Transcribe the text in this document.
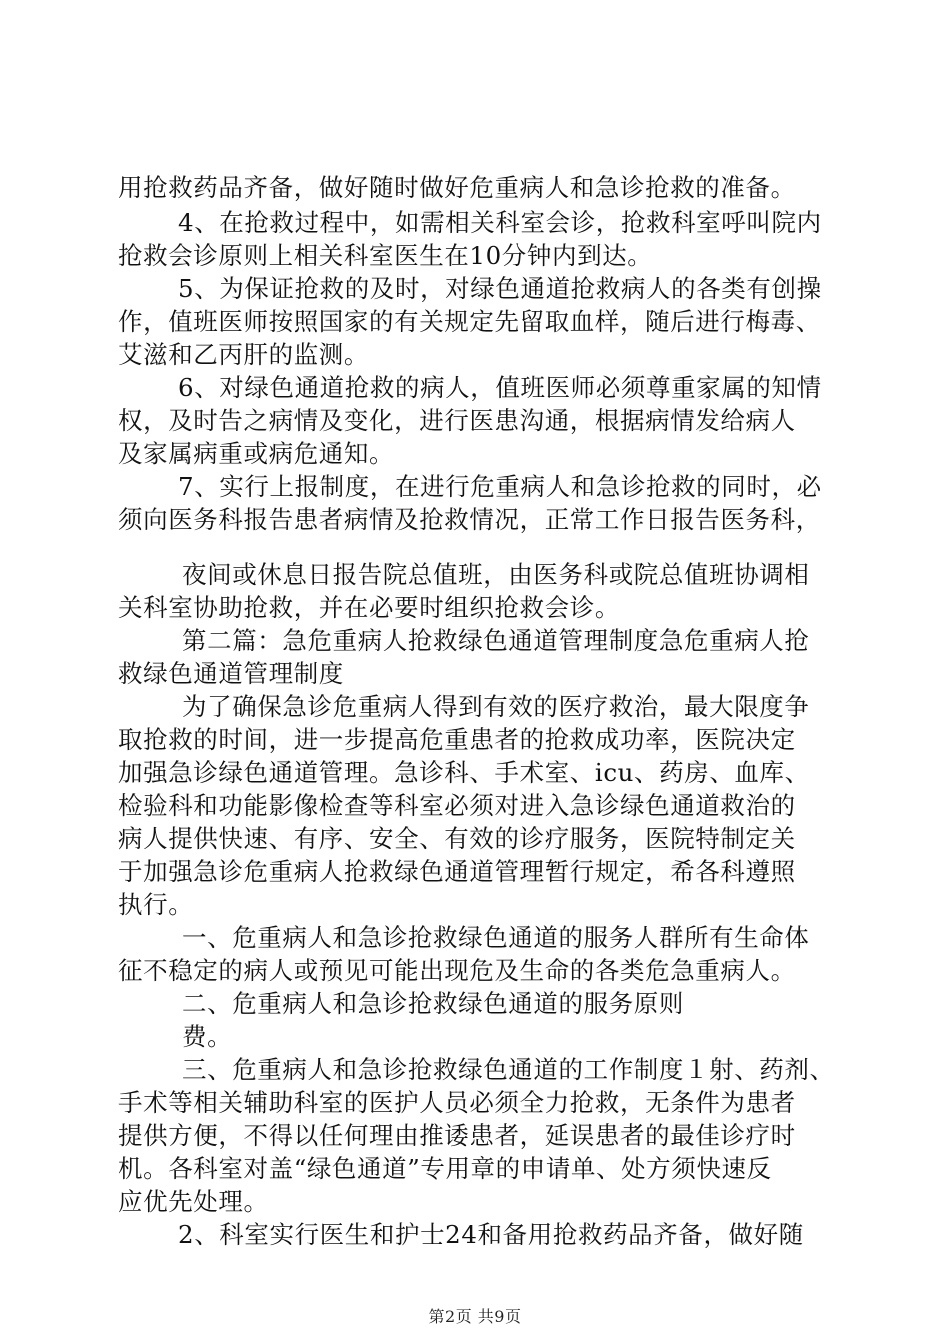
用抢救药品齐备，做好随时做好危重病人和急诊抢救的准备。
4、在抢救过程中，如需相关科室会诊，抢救科室呼叫院内
抢救会诊原则上相关科室医生在10分钟内到达。
5、为保证抢救的及时，对绿色通道抢救病人的各类有创操
作，值班医师按照国家的有关规定先留取血样，随后进行梅毒、
艾滋和乙丙肝的监测。
6、对绿色通道抢救的病人，值班医师必须尊重家属的知情
权，及时告之病情及变化，进行医患沟通，根据病情发给病人
及家属病重或病危通知。
7、实行上报制度，在进行危重病人和急诊抢救的同时，必
须向医务科报告患者病情及抢救情况，正常工作日报告医务科，
夜间或休息日报告院总值班，由医务科或院总值班协调相
关科室协助抢救，并在必要时组织抢救会诊。
第二篇：急危重病人抢救绿色通道管理制度急危重病人抢
救绿色通道管理制度
为了确保急诊危重病人得到有效的医疗救治，最大限度争
取抢救的时间，进一步提高危重患者的抢救成功率，医院决定
加强急诊绿色通道管理。急诊科、手术室、icu、药房、血库、
检验科和功能影像检查等科室必须对进入急诊绿色通道救治的
病人提供快速、有序、安全、有效的诊疗服务，医院特制定关
于加强急诊危重病人抢救绿色通道管理暂行规定，希各科遵照
执行。
一、危重病人和急诊抢救绿色通道的服务人群所有生命体
征不稳定的病人或预见可能出现危及生命的各类危急重病人。
二、危重病人和急诊抢救绿色通道的服务原则
费。
三、危重病人和急诊抢救绿色通道的工作制度１射、药剂、
手术等相关辅助科室的医护人员必须全力抢救，无条件为患者
提供方便，不得以任何理由推诿患者，延误患者的最佳诊疗时
机。各科室对盖“绿色通道”专用章的申请单、处方须快速反
应优先处理。
2、科室实行医生和护士24和备用抢救药品齐备，做好随
第2页 共9页
